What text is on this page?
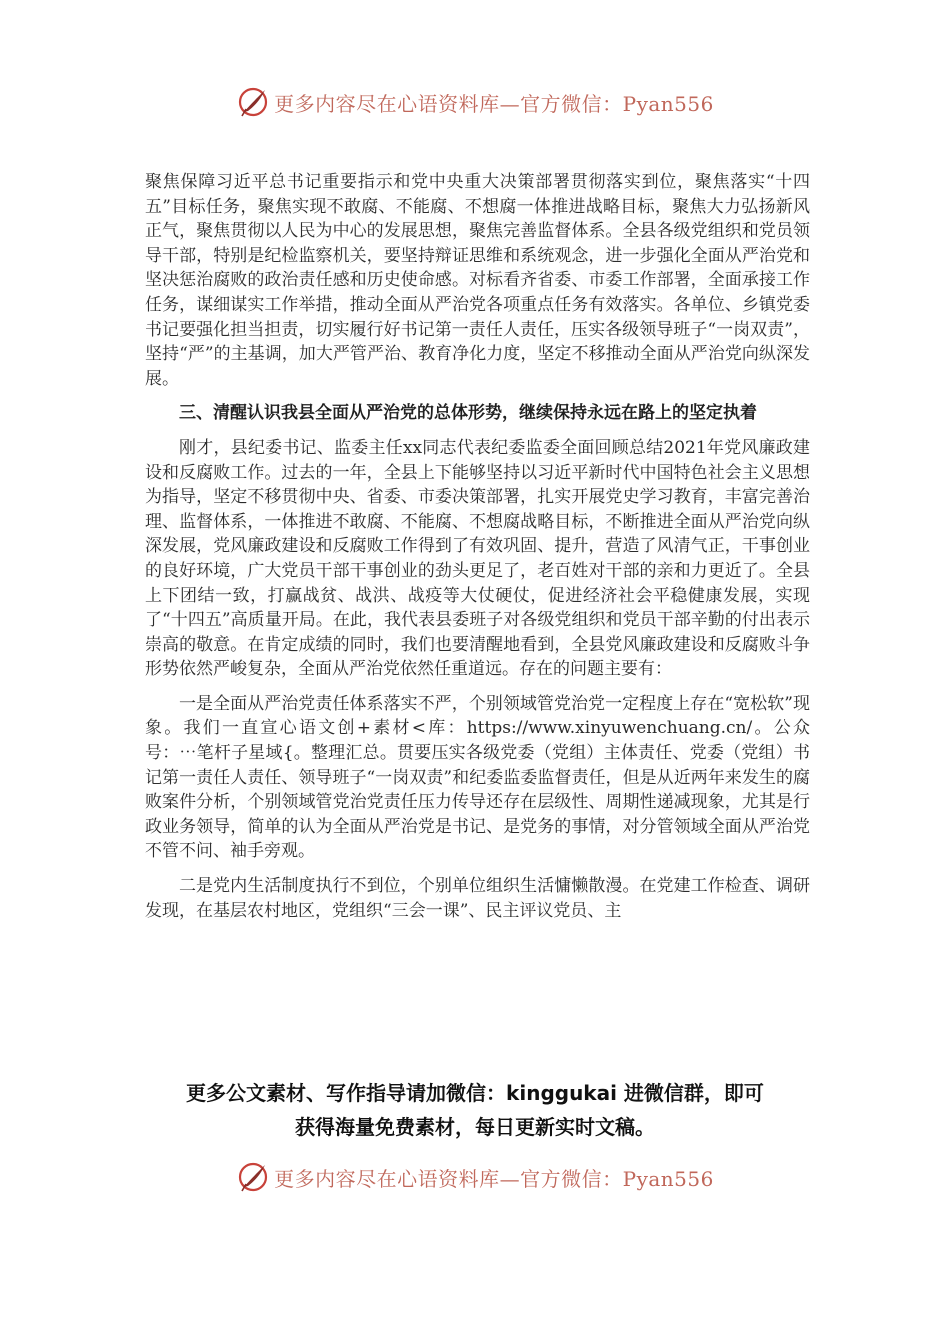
更多内容尽在心语资料库—官方微信：Pyan556

聚焦保障习近平总书记重要指示和党中央重大决策部署贯彻落实到位，聚焦落实“十四五”目标任务，聚焦实现不敢腐、不能腐、不想腐一体推进战略目标，聚焦大力弘扬新风正气，聚焦贯彻以人民为中心的发展思想，聚焦完善监督体系。全县各级党组织和党员领导干部，特别是纪检监察机关，要坚持辩证思维和系统观念，进一步强化全面从严治党和坚决惩治腐败的政治责任感和历史使命感。对标看齐省委、市委工作部署，全面承接工作任务，谋细谋实工作举措，推动全面从严治党各项重点任务有效落实。各单位、乡镇党委书记要强化担当担责，切实履行好书记第一责任人责任，压实各级领导班子“一岗双责”，坚持“严”的主基调，加大严管严治、教育净化力度，坚定不移推动全面从严治党向纵深发展。

三、清醒认识我县全面从严治党的总体形势，继续保持永远在路上的坚定执着

刚才，县纪委书记、监委主任xx同志代表纪委监委全面回顾总结2021年党风廉政建设和反腐败工作。过去的一年，全县上下能够坚持以习近平新时代中国特色社会主义思想为指导，坚定不移贯彻中央、省委、市委决策部署，扎实开展党史学习教育，丰富完善治理、监督体系，一体推进不敢腐、不能腐、不想腐战略目标，不断推进全面从严治党向纵深发展，党风廉政建设和反腐败工作得到了有效巩固、提升，营造了风清气正，干事创业的良好环境，广大党员干部干事创业的劲头更足了，老百姓对干部的亲和力更近了。全县上下团结一致，打赢战贫、战洪、战疫等大仗硬仗，促进经济社会平稳健康发展，实现了“十四五”高质量开局。在此，我代表县委班子对各级党组织和党员干部辛勤的付出表示崇高的敬意。在肯定成绩的同时，我们也要清醒地看到，全县党风廉政建设和反腐败斗争形势依然严峻复杂，全面从严治党依然任重道远。存在的问题主要有：

一是全面从严治党责任体系落实不严，个别领域管党治党一定程度上存在“宽松软”现象。我们一直宣心语文创+素材<库：https://www.xinyuwenchuang.cn/。公众号：⋯笔杆子星域{。整理汇总。贯要压实各级党委（党组）主体责任、党委（党组）书记第一责任人责任、领导班子“一岗双责”和纪委监委监督责任，但是从近两年来发生的腐败案件分析，个别领域管党治党责任压力传导还存在层级性、周期性递减现象，尤其是行政业务领导，简单的认为全面从严治党是书记、是党务的事情，对分管领域全面从严治党不管不问、袖手旁观。

二是党内生活制度执行不到位，个别单位组织生活慵懒散漫。在党建工作检查、调研发现，在基层农村地区，党组织“三会一课”、民主评议党员、主

更多公文素材、写作指导请加微信：kinggukai 进微信群，即可
获得海量免费素材，每日更新实时文稿。
更多内容尽在心语资料库—官方微信：Pyan556
